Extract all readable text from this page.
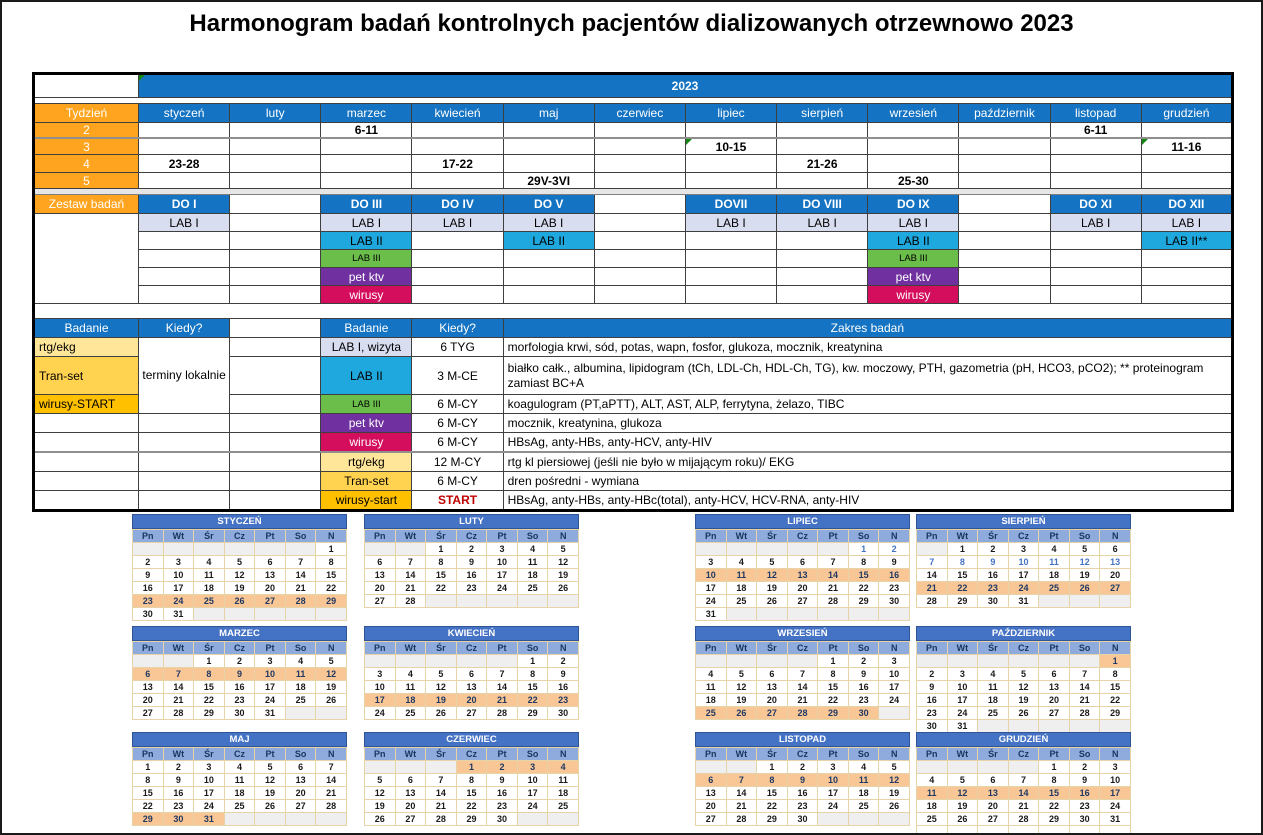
Harmonogram badań kontrolnych pacjentów dializowanych otrzewnowo 2023
	2023											

Tydzień	styczeń	luty	marzec	kwiecień	maj	czerwiec	lipiec	sierpień	wrzesień	październik	listopad	grudzień
2			6-11								6-11	
3							10-15					11-16

4	23-28			17-22				21-26				
5					29V-3VI				25-30			

Zestaw badań	DO I		DO III	DO IV	DO V		DOVII	DO VIII	DO IX		DO XI	DO XII
	LAB I		LAB I	LAB I	LAB I		LAB I	LAB I	LAB I		LAB I	LAB I
			LAB II		LAB II				LAB II			LAB II**
			LAB III						LAB III			
			pet ktv						pet ktv			
			wirusy						wirusy			

Badanie	Kiedy?		Badanie	Kiedy?	Zakres badań							
rtg/ekg	terminy lokalnie		LAB I, wizyta	6 TYG	morfologia krwi, sód, potas, wapn, fosfor, glukoza, mocznik, kreatynina							
Tran-set			LAB II	3 M-CE	białko całk., albumina, lipidogram (tCh, LDL-Ch, HDL-Ch, TG), kw. moczowy, PTH, gazometria (pH, HCO3, pCO2); ** proteinogram zamiast BC+A							
wirusy-START			LAB III	6 M-CY	koagulogram (PT,aPTT), ALT, AST, ALP, ferrytyna, żelazo, TIBC							
			pet ktv	6 M-CY	mocznik, kreatynina, glukoza							
			wirusy	6 M-CY	HBsAg, anty-HBs, anty-HCV, anty-HIV							
			rtg/ekg	12 M-CY	rtg kl piersiowej (jeśli nie było w mijającym roku)/ EKG							
			Tran-set	6 M-CY	dren pośredni - wymiana							
			wirusy-start	START	HBsAg, anty-HBs, anty-HBc(total), anty-HCV, HCV-RNA, anty-HIV							
STYCZEŃ
Pn	Wt	Śr	Cz	Pt	So	N
						1
2	3	4	5	6	7	8
9	10	11	12	13	14	15
16	17	18	19	20	21	22
23	24	25	26	27	28	29
30	31					
LUTY
Pn	Wt	Śr	Cz	Pt	So	N
		1	2	3	4	5
6	7	8	9	10	11	12
13	14	15	16	17	18	19
20	21	22	23	24	25	26
27	28					
LIPIEC
Pn	Wt	Śr	Cz	Pt	So	N
					1	2
3	4	5	6	7	8	9
10	11	12	13	14	15	16
17	18	19	20	21	22	23
24	25	26	27	28	29	30
31						
SIERPIEŃ
Pn	Wt	Śr	Cz	Pt	So	N
	1	2	3	4	5	6
7	8	9	10	11	12	13
14	15	16	17	18	19	20
21	22	23	24	25	26	27
28	29	30	31			
MARZEC
Pn	Wt	Śr	Cz	Pt	So	N
		1	2	3	4	5
6	7	8	9	10	11	12
13	14	15	16	17	18	19
20	21	22	23	24	25	26
27	28	29	30	31		
KWIECIEŃ
Pn	Wt	Śr	Cz	Pt	So	N
					1	2
3	4	5	6	7	8	9
10	11	12	13	14	15	16
17	18	19	20	21	22	23
24	25	26	27	28	29	30
WRZESIEŃ
Pn	Wt	Śr	Cz	Pt	So	N
				1	2	3
4	5	6	7	8	9	10
11	12	13	14	15	16	17
18	19	20	21	22	23	24
25	26	27	28	29	30	
PAŹDZIERNIK
Pn	Wt	Śr	Cz	Pt	So	N
						1
2	3	4	5	6	7	8
9	10	11	12	13	14	15
16	17	18	19	20	21	22
23	24	25	26	27	28	29
30	31					
MAJ
Pn	Wt	Śr	Cz	Pt	So	N
1	2	3	4	5	6	7
8	9	10	11	12	13	14
15	16	17	18	19	20	21
22	23	24	25	26	27	28
29	30	31				
CZERWIEC
Pn	Wt	Śr	Cz	Pt	So	N
			1	2	3	4
5	6	7	8	9	10	11
12	13	14	15	16	17	18
19	20	21	22	23	24	25
26	27	28	29	30		
LISTOPAD
Pn	Wt	Śr	Cz	Pt	So	N
		1	2	3	4	5
6	7	8	9	10	11	12
13	14	15	16	17	18	19
20	21	22	23	24	25	26
27	28	29	30			
GRUDZIEŃ
Pn	Wt	Śr	Cz	Pt	So	N
				1	2	3
4	5	6	7	8	9	10
11	12	13	14	15	16	17
18	19	20	21	22	23	24
25	26	27	28	29	30	31
